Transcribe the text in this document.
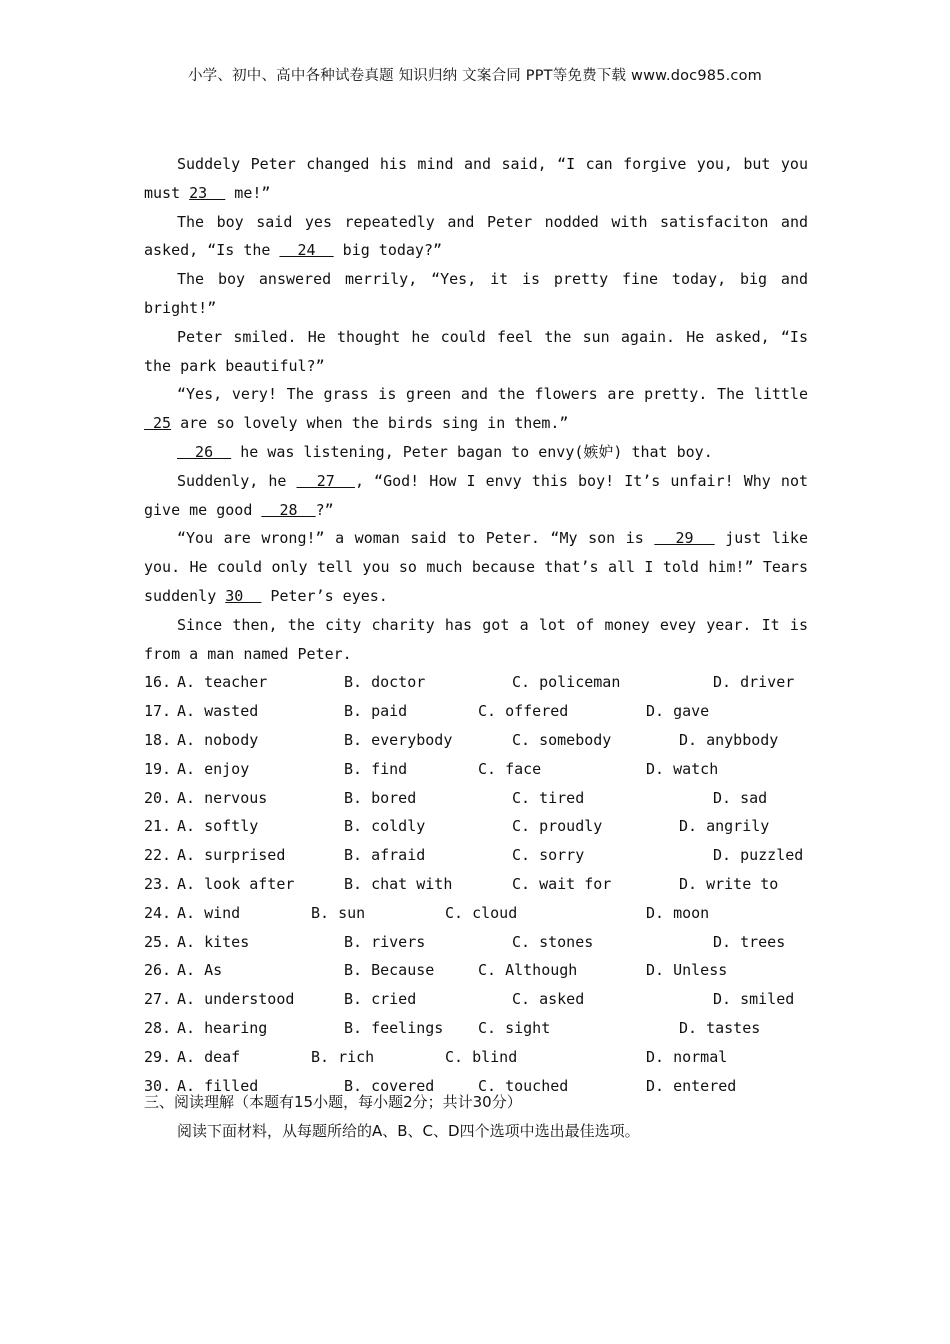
小学、初中、高中各种试卷真题 知识归纳 文案合同 PPT等免费下载 www.doc985.com
Suddely Peter changed his mind and said, “I can forgive you, but you must 23   me!”
The boy said yes repeatedly and Peter nodded with satisfaciton and asked, “Is the   24   big today?”
The boy answered merrily, “Yes, it is pretty fine today, big and bright!”
Peter smiled. He thought he could feel the sun again. He asked, “Is the park beautiful?”
“Yes, very! The grass is green and the flowers are pretty. The little  25 are so lovely when the birds sing in them.”
26   he was listening, Peter bagan to envy(嫉妒) that boy.
Suddenly, he   27  , “God! How I envy this boy! It’s unfair! Why not give me good   28  ?”
“You are wrong!” a woman said to Peter. “My son is   29   just like you. He could only tell you so much because that’s all I told him!” Tears suddenly 30   Peter’s eyes.
Since then, the city charity has got a lot of money evey year. It is from a man named Peter.
16. A. teacher	B. doctor	C. policeman	D. driver
17. A. wasted	B. paid	C. offered	D. gave
18. A. nobody	B. everybody	C. somebody	D. anybbody
19. A. enjoy	B. find	C. face	D. watch
20. A. nervous	B. bored	C. tired	D. sad
21. A. softly	B. coldly	C. proudly	D. angrily
22. A. surprised	B. afraid	C. sorry	D. puzzled
23. A. look after	B. chat with	C. wait for	D. write to
24. A. wind	B. sun	C. cloud	D. moon
25. A. kites	B. rivers	C. stones	D. trees
26. A. As	B. Because	C. Although	D. Unless
27. A. understood	B. cried	C. asked	D. smiled
28. A. hearing	B. feelings C. sight	D. tastes
29. A. deaf	B. rich	C. blind	D. normal
30. A. filled	B. covered	C. touched	D. entered
三、阅读理解（本题有15小题，每小题2分；共计30分）
阅读下面材料，从每题所给的A、B、C、D四个选项中选出最佳选项。
